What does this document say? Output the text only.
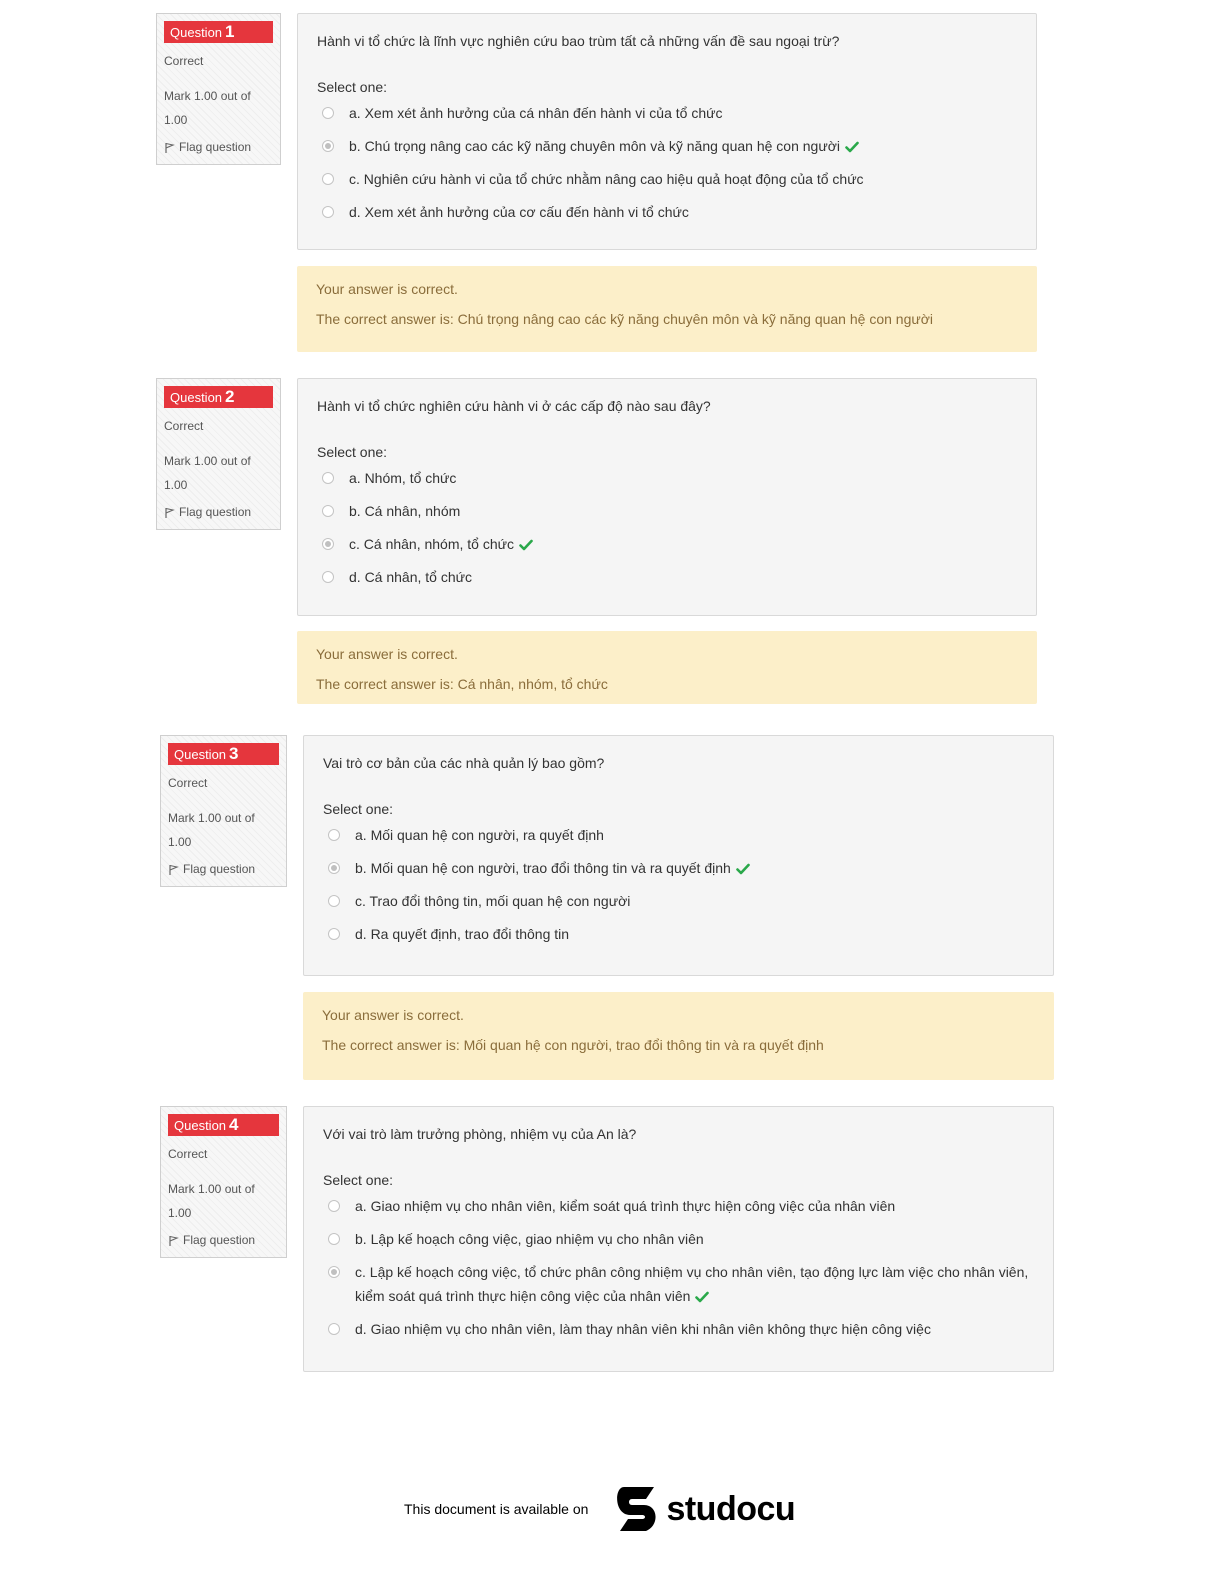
Question 1
Correct
Mark 1.00 out of 1.00
Flag question
Hành vi tổ chức là lĩnh vực nghiên cứu bao trùm tất cả những vấn đề sau ngoại trừ?
Select one:
a. Xem xét ảnh hưởng của cá nhân đến hành vi của tổ chức
b. Chú trọng nâng cao các kỹ năng chuyên môn và kỹ năng quan hệ con người
c. Nghiên cứu hành vi của tổ chức nhằm nâng cao hiệu quả hoạt động của tổ chức
d. Xem xét ảnh hưởng của cơ cấu đến hành vi tổ chức
Your answer is correct.
The correct answer is: Chú trọng nâng cao các kỹ năng chuyên môn và kỹ năng quan hệ con người
Question 2
Correct
Mark 1.00 out of 1.00
Flag question
Hành vi tổ chức nghiên cứu hành vi ở các cấp độ nào sau đây?
Select one:
a. Nhóm, tổ chức
b. Cá nhân, nhóm
c. Cá nhân, nhóm, tổ chức
d. Cá nhân, tổ chức
Your answer is correct.
The correct answer is: Cá nhân, nhóm, tổ chức
Question 3
Correct
Mark 1.00 out of 1.00
Flag question
Vai trò cơ bản của các nhà quản lý bao gồm?
Select one:
a. Mối quan hệ con người, ra quyết định
b. Mối quan hệ con người, trao đổi thông tin và ra quyết định
c. Trao đổi thông tin, mối quan hệ con người
d. Ra quyết định, trao đổi thông tin
Your answer is correct.
The correct answer is: Mối quan hệ con người, trao đổi thông tin và ra quyết định
Question 4
Correct
Mark 1.00 out of 1.00
Flag question
Với vai trò làm trưởng phòng, nhiệm vụ của An là?
Select one:
a. Giao nhiệm vụ cho nhân viên, kiểm soát quá trình thực hiện công việc của nhân viên
b. Lập kế hoạch công việc, giao nhiệm vụ cho nhân viên
c. Lập kế hoạch công việc, tổ chức phân công nhiệm vụ cho nhân viên, tạo động lực làm việc cho nhân viên, kiểm soát quá trình thực hiện công việc của nhân viên
d. Giao nhiệm vụ cho nhân viên, làm thay nhân viên khi nhân viên không thực hiện công việc
This document is available on studocu
